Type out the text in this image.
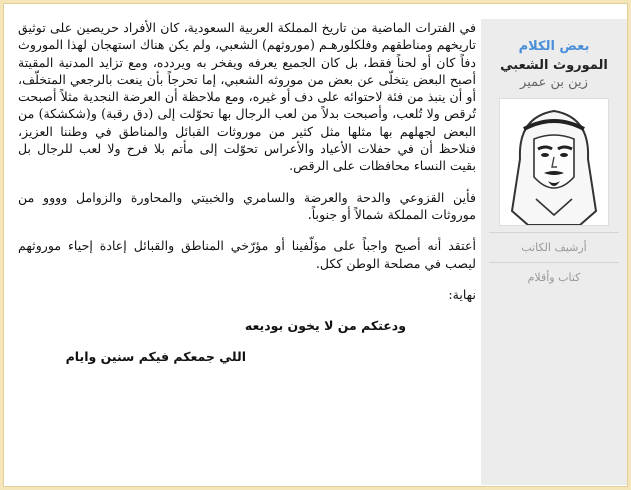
في الفترات الماضية من تاريخ المملكة العربية السعودية، كان الأفراد حريصين على توثيق تاريخهم ومناطقهم وفلكلورهـم (موروثهم) الشعبي، ولم يكن هناك استهجان لهذا الموروث دفاً كان أو لحناً فقط، بل كان الجميع يعرفه ويفخر به ويردده، ومع تزايد المدنية المقيتة أصبح البعض يتخلّى عن بعض من موروثه الشعبي، إما تحرجاً بأن ينعت بالرجعي المتخلّف، أو أن ينبذ من فئة لاحتوائه على دف أو غيره، ومع ملاحظة أن العرضة النجدية مثلاً أصبحت تُرقص ولا تُلعب، وأصبحت بدلاً من لعب الرجال بها تحوّلت إلى (دق رقبة) و(شكشكة) من البعض لجهلهم بها مثلها مثل كثير من موروثات القبائل والمناطق في وطننا العزيز، فنلاحظ أن في حفلات الأعياد والأعراس تحوّلت إلى مأتم بلا فرح ولا لعب للرجال بل بقيت النساء محافظات على الرقص.

فأين القزوعي والدحة والعرضة والسامري والخبيتي والمحاورة والزوامل وووو من موروثات المملكة شمالاً أو جنوباً.

أعتقد أنه أصبح واجباً على مؤلّفينا أو مؤرّخي المناطق والقبائل إعادة إحياء موروثهم ليصب في مصلحة الوطن ككل.

نهاية:

ودعتكم من لا يخون بوديعه

اللي جمعكم فيكم سنين وايام

بعض الكلام
الموروث الشعبي
زين بن عمير
أرشيف الكاتب
كتاب وأقلام
